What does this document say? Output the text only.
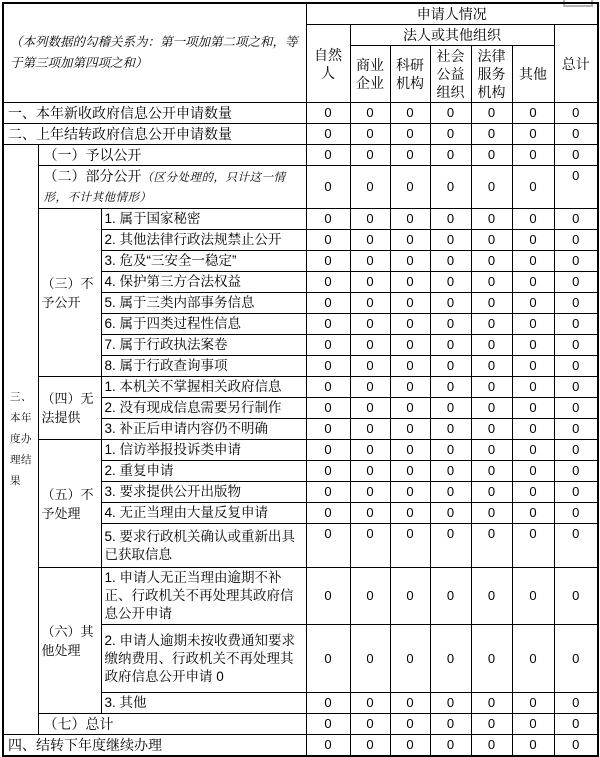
（本列数据的勾稽关系为：第一项加第二项之和，等于第三项加第四项之和）			申请人情况						
			自然人	法人或其他组织					总计
				商业企业	科研机构	社会公益组织	法律服务机构	其他	
一、本年新收政府信息公开申请数量			0	0	0	0	0	0	0
二、上年结转政府信息公开申请数量			0	0	0	0	0	0	0
三、本年度办理结果	（一）予以公开		0	0	0	0	0	0	0
	（二）部分公开（区分处理的，只计这一情形，不计其他情形）		0	0	0	0	0	0	0
	（三）不予公开	1. 属于国家秘密	0	0	0	0	0	0	0
		2. 其他法律行政法规禁止公开	0	0	0	0	0	0	0
		3. 危及“三安全一稳定”	0	0	0	0	0	0	0
		4. 保护第三方合法权益	0	0	0	0	0	0	0
		5. 属于三类内部事务信息	0	0	0	0	0	0	0
		6. 属于四类过程性信息	0	0	0	0	0	0	0
		7. 属于行政执法案卷	0	0	0	0	0	0	0
		8. 属于行政查询事项	0	0	0	0	0	0	0
	（四）无法提供	1. 本机关不掌握相关政府信息	0	0	0	0	0	0	0
		2. 没有现成信息需要另行制作	0	0	0	0	0	0	0
		3. 补正后申请内容仍不明确	0	0	0	0	0	0	0
	（五）不予处理	1. 信访举报投诉类申请	0	0	0	0	0	0	0
		2. 重复申请	0	0	0	0	0	0	0
		3. 要求提供公开出版物	0	0	0	0	0	0	0
		4. 无正当理由大量反复申请	0	0	0	0	0	0	0
		5. 要求行政机关确认或重新出具已获取信息	0	0	0	0	0	0	0
	（六）其他处理	1. 申请人无正当理由逾期不补正、行政机关不再处理其政府信息公开申请	0	0	0	0	0	0	0
		2. 申请人逾期未按收费通知要求缴纳费用、行政机关不再处理其政府信息公开申请 0	0	0	0	0	0	0	0
		3. 其他	0	0	0	0	0	0	0
	（七）总计		0	0	0	0	0	0	0
四、结转下年度继续办理			0	0	0	0	0	0	0
